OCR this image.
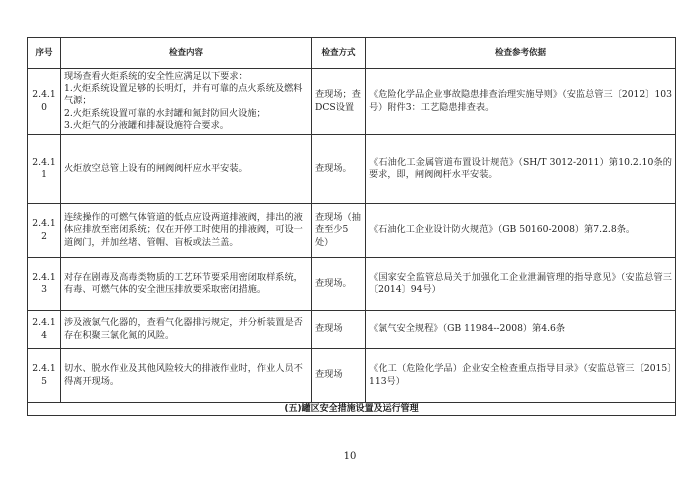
序号	检查内容	检查方式	检查参考依据
2.4.10	现场查看火炬系统的安全性应满足以下要求：
1.火炬系统设置足够的长明灯，并有可靠的点火系统及燃料气源；
2.火炬系统设置可靠的水封罐和氮封防回火设施；
3.火炬气的分液罐和排凝设施符合要求。	查现场；查DCS设置	《危险化学品企业事故隐患排查治理实施导则》（安监总管三〔2012〕103号）附件3：工艺隐患排查表。
2.4.11	火炬放空总管上设有的闸阀阀杆应水平安装。	查现场。	《石油化工金属管道布置设计规范》（SH/T 3012-2011）第10.2.10条的要求，即，闸阀阀杆水平安装。
2.4.12	连续操作的可燃气体管道的低点应设两道排液阀，排出的液体应排放至密闭系统；仅在开停工时使用的排液阀，可设一道阀门，并加丝堵、管帽、盲板或法兰盖。	查现场（抽查至少5处）	《石油化工企业设计防火规范》（GB 50160-2008）第7.2.8条。
2.4.13	对存在剧毒及高毒类物质的工艺环节要采用密闭取样系统，有毒、可燃气体的安全泄压排放要采取密闭措施。	查现场。	《国家安全监管总局关于加强化工企业泄漏管理的指导意见》（安监总管三〔2014〕94号）
2.4.14	涉及液氯气化器的，查看气化器排污规定，并分析装置是否存在积聚三氯化氮的风险。	查现场	《氯气安全规程》（GB 11984--2008）第4.6条
2.4.15	切水、脱水作业及其他风险较大的排液作业时，作业人员不得离开现场。	查现场	《化工（危险化学品）企业安全检查重点指导目录》（安监总管三〔2015〕113号）
(五)罐区安全措施设置及运行管理			
10
